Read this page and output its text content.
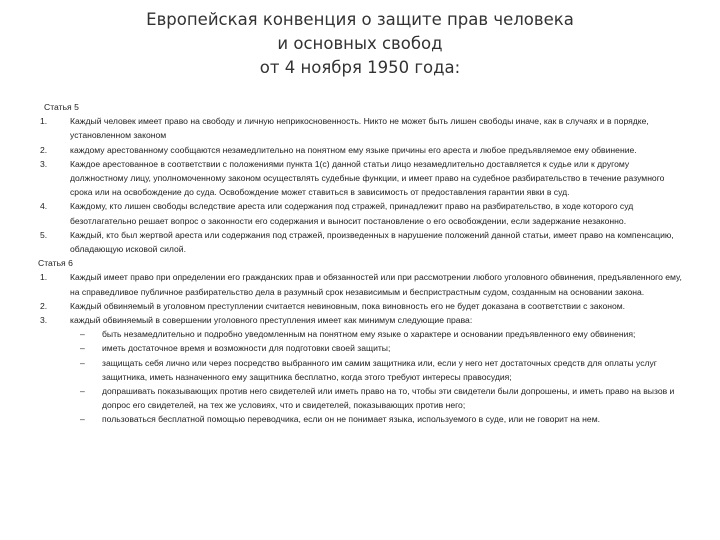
Европейская конвенция о защите прав человека
и основных свобод
от 4 ноября 1950 года:
Статья 5
1.	Каждый человек имеет право на свободу и личную неприкосновенность. Никто не может быть лишен свободы иначе, как в случаях и в порядке, установленном законом
2.	каждому арестованному сообщаются незамедлительно на понятном ему языке причины его ареста и любое предъявляемое ему обвинение.
3.	Каждое арестованное в соответствии с положениями пункта 1(с) данной статьи лицо незамедлительно доставляется к судье или к другому должностному лицу, уполномоченному законом осуществлять судебные функции, и имеет право на судебное разбирательство в течение разумного срока или на освобождение до суда. Освобождение может ставиться в зависимость от предоставления гарантии явки в суд.
4.	Каждому, кто лишен свободы вследствие ареста или содержания под стражей, принадлежит право на разбирательство, в ходе которого суд безотлагательно решает вопрос о законности его содержания и выносит постановление о его освобождении, если задержание незаконно.
5.	Каждый, кто был жертвой ареста или содержания под стражей, произведенных в нарушение положений данной статьи, имеет право на компенсацию, обладающую исковой силой.
Статья 6
1.	Каждый имеет право при определении его гражданских прав и обязанностей или при рассмотрении любого уголовного обвинения, предъявленного ему, на справедливое публичное разбирательство дела в разумный срок независимым и беспристрастным судом, созданным на основании закона.
2.	Каждый обвиняемый в уголовном преступлении считается невиновным, пока виновность его не будет доказана в соответствии с законом.
3.	каждый обвиняемый в совершении уголовного преступления имеет как минимум следующие права:
– быть незамедлительно и подробно уведомленным на понятном ему языке о характере и основании предъявленного ему обвинения;
– иметь достаточное время и возможности для подготовки своей защиты;
– защищать себя лично или через посредство выбранного им самим защитника или, если у него нет достаточных средств для оплаты услуг защитника, иметь назначенного ему защитника бесплатно, когда этого требуют интересы правосудия;
– допрашивать показывающих против него свидетелей или иметь право на то, чтобы эти свидетели были допрошены, и иметь право на вызов и допрос его свидетелей, на тех же условиях, что и свидетелей, показывающих против него;
– пользоваться бесплатной помощью переводчика, если он не понимает языка, используемого в суде, или не говорит на нем.
